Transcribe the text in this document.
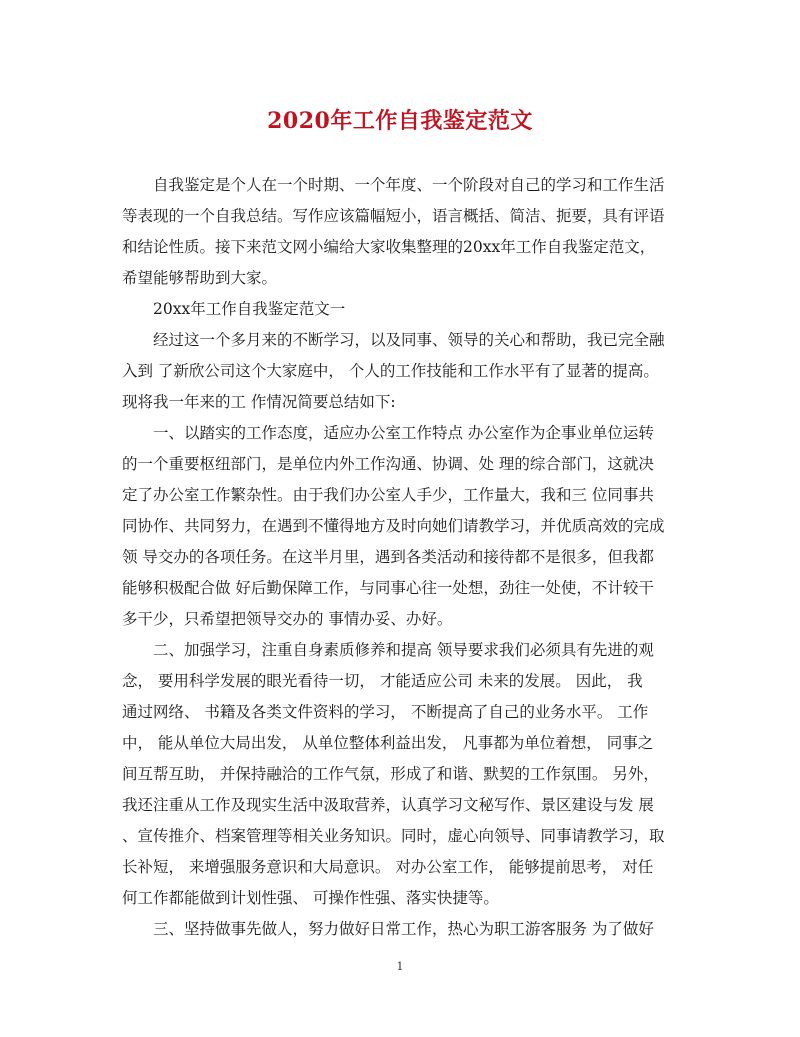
2020年工作自我鉴定范文
自我鉴定是个人在一个时期、一个年度、一个阶段对自己的学习和工作生活
等表现的一个自我总结。写作应该篇幅短小，语言概括、简洁、扼要，具有评语
和结论性质。接下来范文网小编给大家收集整理的20xx年工作自我鉴定范文，
希望能够帮助到大家。
20xx年工作自我鉴定范文一
经过这一个多月来的不断学习，以及同事、领导的关心和帮助，我已完全融
入到 了新欣公司这个大家庭中， 个人的工作技能和工作水平有了显著的提高。
现将我一年来的工 作情况简要总结如下:
一、以踏实的工作态度，适应办公室工作特点 办公室作为企事业单位运转
的一个重要枢纽部门，是单位内外工作沟通、协调、处 理的综合部门，这就决
定了办公室工作繁杂性。由于我们办公室人手少，工作量大，我和三 位同事共
同协作、共同努力，在遇到不懂得地方及时向她们请教学习，并优质高效的完成
领 导交办的各项任务。在这半月里，遇到各类活动和接待都不是很多，但我都
能够积极配合做 好后勤保障工作，与同事心往一处想，劲往一处使，不计较干
多干少，只希望把领导交办的 事情办妥、办好。
二、加强学习，注重自身素质修养和提高 领导要求我们必须具有先进的观
念， 要用科学发展的眼光看待一切， 才能适应公司 未来的发展。 因此， 我
通过网络、 书籍及各类文件资料的学习， 不断提高了自己的业务水平。 工作
中， 能从单位大局出发， 从单位整体利益出发， 凡事都为单位着想， 同事之
间互帮互助， 并保持融洽的工作气氛，形成了和谐、默契的工作氛围。 另外，
我还注重从工作及现实生活中汲取营养，认真学习文秘写作、景区建设与发 展
、宣传推介、档案管理等相关业务知识。同时，虚心向领导、同事请教学习，取
长补短， 来增强服务意识和大局意识。 对办公室工作， 能够提前思考， 对任
何工作都能做到计划性强、 可操作性强、落实快捷等。
三、坚持做事先做人，努力做好日常工作，热心为职工游客服务 为了做好
1
